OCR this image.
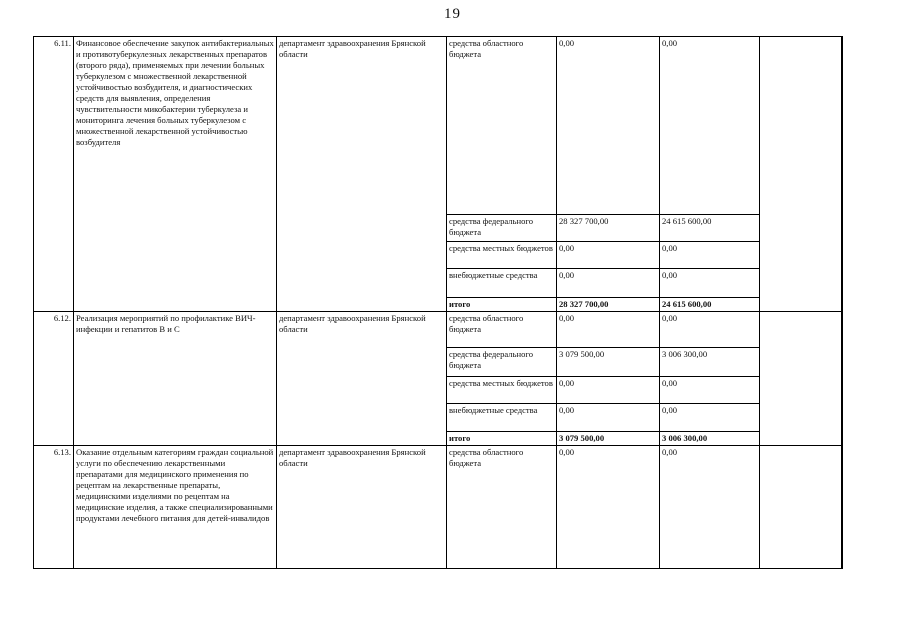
19
6.11.	Финансовое обеспечение закупок антибактериальных и противотуберкулезных лекарственных препаратов (второго ряда), применяемых при лечении больных туберкулезом с множественной лекарственной устойчивостью возбудителя, и диагностических средств для выявления, определения чувствительности микобактерии туберкулеза и мониторинга лечения больных туберкулезом с множественной лекарственной устойчивостью возбудителя	департамент здравоохранения Брянской области	средства областного бюджета	0,00	0,00	
			средства федерального бюджета	28 327 700,00	24 615 600,00	
			средства местных бюджетов	0,00	0,00	
			внебюджетные средства	0,00	0,00	
			итого	28 327 700,00	24 615 600,00	
6.12.	Реализация мероприятий по профилактике ВИЧ-инфекции и гепатитов В и С	департамент здравоохранения Брянской области	средства областного бюджета	0,00	0,00	
			средства федерального бюджета	3 079 500,00	3 006 300,00	
			средства местных бюджетов	0,00	0,00	
			внебюджетные средства	0,00	0,00	
			итого	3 079 500,00	3 006 300,00	
6.13.	Оказание отдельным категориям граждан социальной услуги по обеспечению лекарственными препаратами для медицинского применения по рецептам на лекарственные препараты, медицинскими изделиями по рецептам на медицинские изделия, а также специализированными продуктами лечебного питания для детей-инвалидов	департамент здравоохранения Брянской области	средства областного бюджета	0,00	0,00	
